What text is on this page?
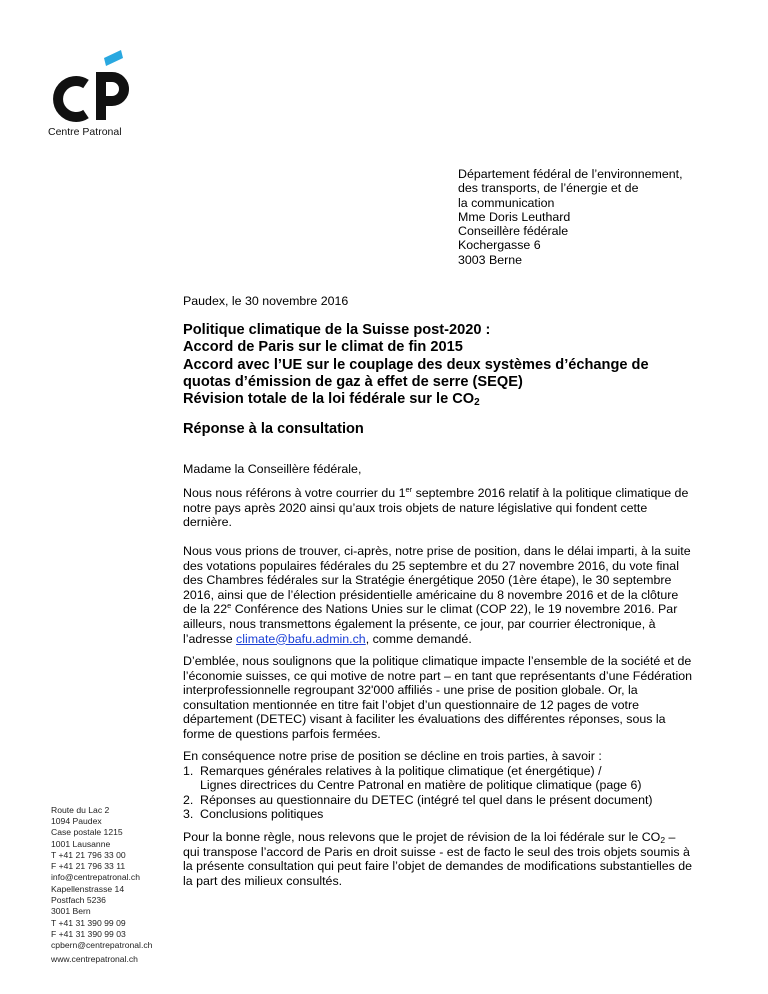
Centre Patronal
Département fédéral de l’environnement,
des transports, de l’énergie et de
la communication
Mme Doris Leuthard
Conseillère fédérale
Kochergasse 6
3003 Berne
Paudex, le 30 novembre 2016
Politique climatique de la Suisse post-2020 :
Accord de Paris sur le climat de fin 2015
Accord avec l’UE sur le couplage des deux systèmes d’échange de
quotas d’émission de gaz à effet de serre (SEQE)
Révision totale de la loi fédérale sur le $CO_2$
Réponse à la consultation
Madame la Conseillère fédérale,
Nous nous référons à votre courrier du 1er septembre 2016 relatif à la politique climatique de
notre pays après 2020 ainsi qu’aux trois objets de nature législative qui fondent cette
dernière.
Nous vous prions de trouver, ci-après, notre prise de position, dans le délai imparti, à la suite
des votations populaires fédérales du 25 septembre et du 27 novembre 2016, du vote final
des Chambres fédérales sur la Stratégie énergétique 2050 (1ère étape), le 30 septembre
2016, ainsi que de l’élection présidentielle américaine du 8 novembre 2016 et de la clôture
de la 22e Conférence des Nations Unies sur le climat (COP 22), le 19 novembre 2016. Par
ailleurs, nous transmettons également la présente, ce jour, par courrier électronique, à
l’adresse climate@bafu.admin.ch, comme demandé.
D’emblée, nous soulignons que la politique climatique impacte l’ensemble de la société et de
l’économie suisses, ce qui motive de notre part – en tant que représentants d’une Fédération
interprofessionnelle regroupant 32'000 affiliés - une prise de position globale. Or, la
consultation mentionnée en titre fait l’objet d’un questionnaire de 12 pages de votre
département (DETEC) visant à faciliter les évaluations des différentes réponses, sous la
forme de questions parfois fermées.
En conséquence notre prise de position se décline en trois parties, à savoir :
1. Remarques générales relatives à la politique climatique (et énergétique) /
Lignes directrices du Centre Patronal en matière de politique climatique (page 6)
2. Réponses au questionnaire du DETEC (intégré tel quel dans le présent document)
3. Conclusions politiques
Pour la bonne règle, nous relevons que le projet de révision de la loi fédérale sur le $CO_2$ –
qui transpose l’accord de Paris en droit suisse - est de facto le seul des trois objets soumis à
la présente consultation qui peut faire l’objet de demandes de modifications substantielles de
la part des milieux consultés.
Route du Lac 2
1094 Paudex
Case postale 1215
1001 Lausanne
T +41 21 796 33 00
F +41 21 796 33 11
info@centrepatronal.ch
Kapellenstrasse 14
Postfach 5236
3001 Bern
T +41 31 390 99 09
F +41 31 390 99 03
cpbern@centrepatronal.ch
www.centrepatronal.ch
